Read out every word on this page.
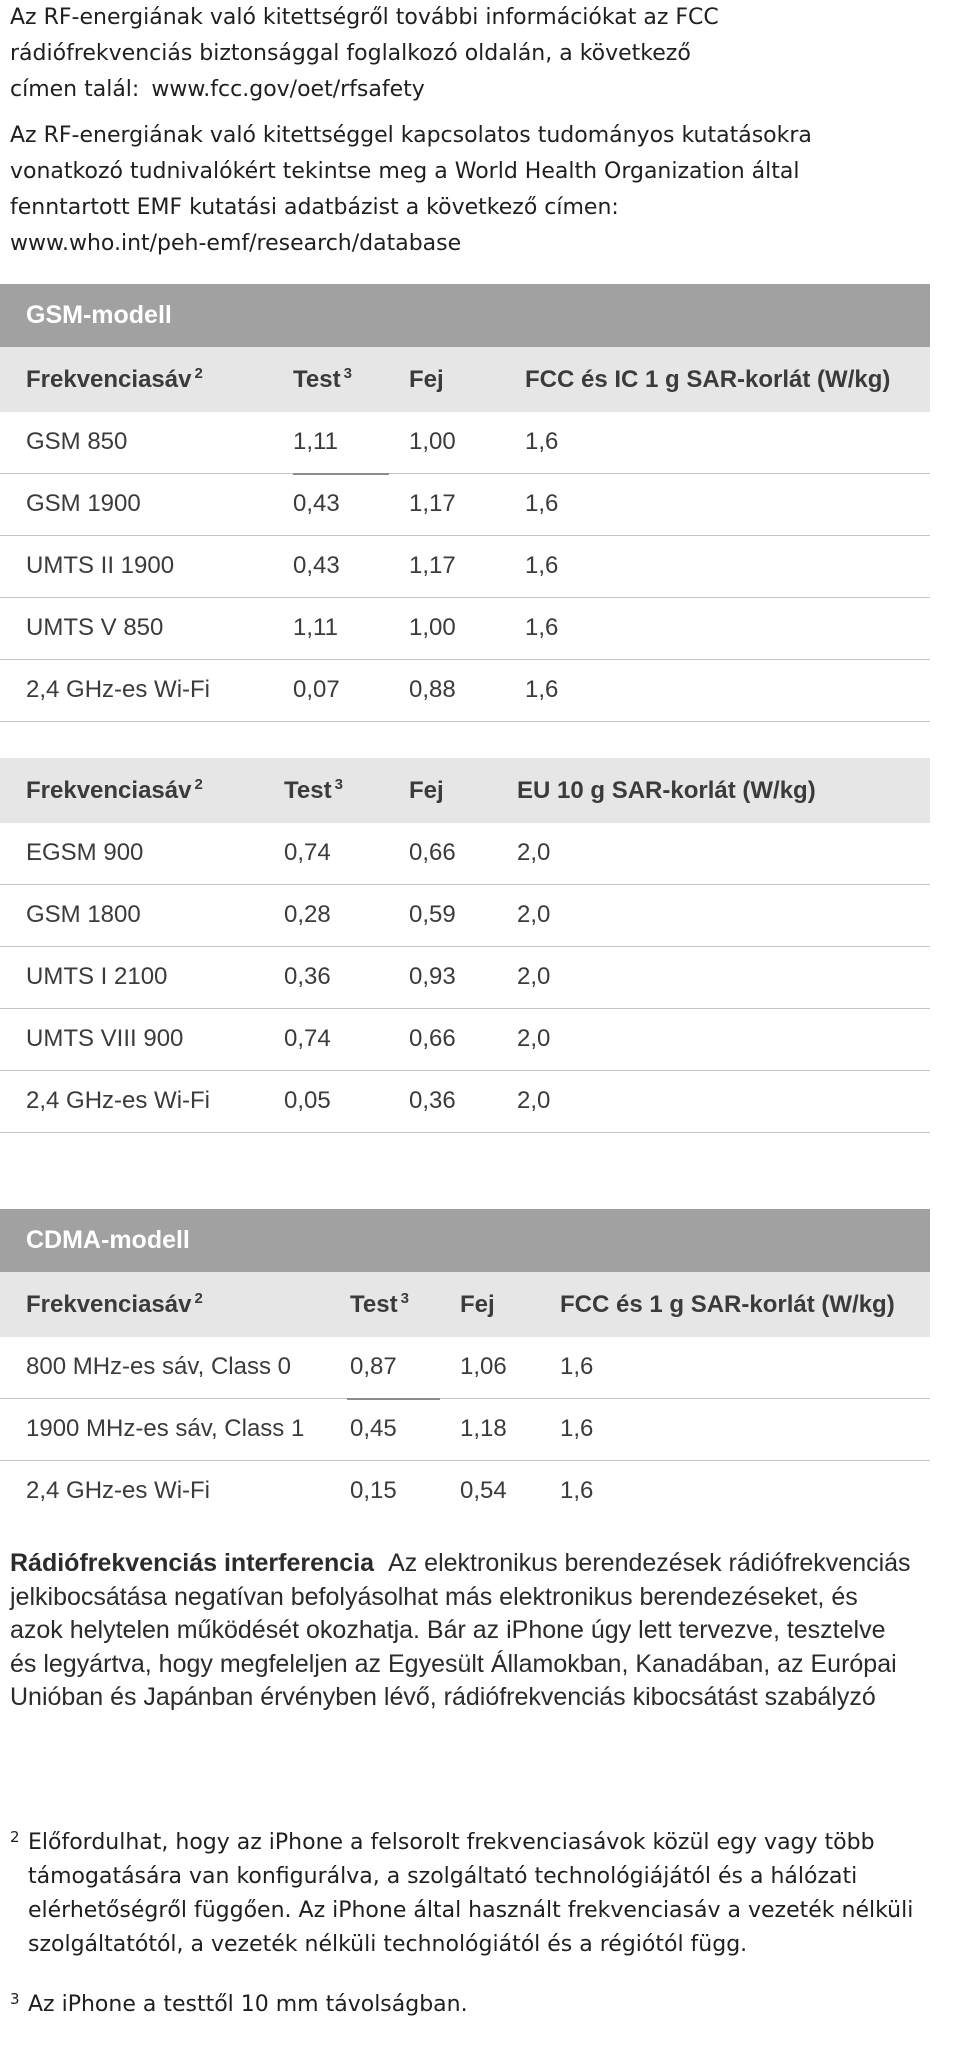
Az RF-energiának való kitettségről további információkat az FCC
rádiófrekvenciás biztonsággal foglalkozó oldalán, a következő
címen talál: www.fcc.gov/oet/rfsafety
Az RF-energiának való kitettséggel kapcsolatos tudományos kutatásokra
vonatkozó tudnivalókért tekintse meg a World Health Organization által
fenntartott EMF kutatási adatbázist a következő címen:
www.who.int/peh-emf/research/database
GSM-modell
Frekvenciasáv $^2$	Test $^3$ Fej	FCC és IC 1 g SAR-korlát (W/kg)
GSM 850	1,11	1,00	1,6
GSM 1900	0,43	1,17	1,6
UMTS II 1900	0,43	1,17	1,6
UMTS V 850	1,11	1,00	1,6
2,4 GHz-es Wi-Fi	0,07	0,88	1,6
Frekvenciasáv $^2$	Test $^3$	Fej	EU 10 g SAR-korlát (W/kg)
EGSM 900	0,74	0,66	2,0
GSM 1800	0,28	0,59	2,0
UMTS I 2100	0,36	0,93	2,0
UMTS VIII 900	0,74	0,66	2,0
2,4 GHz-es Wi-Fi	0,05	0,36	2,0
CDMA-modell
Frekvenciasáv $^2$	Test $^3$ Fej	FCC és 1 g SAR-korlát (W/kg)
800 MHz-es sáv, Class 0 0,87	1,06 1,6
1900 MHz-es sáv, Class 1 0,45	1,18 1,6
2,4 GHz-es Wi-Fi	0,15	0,54 1,6
Rádiófrekvenciás interferencia Az elektronikus berendezések rádiófrekvenciás
jelkibocsátása negatívan befolyásolhat más elektronikus berendezéseket, és
azok helytelen működését okozhatja. Bár az iPhone úgy lett tervezve, tesztelve
és legyártva, hogy megfeleljen az Egyesült Államokban, Kanadában, az Európai
Unióban és Japánban érvényben lévő, rádiófrekvenciás kibocsátást szabályzó
2 Előfordulhat, hogy az iPhone a felsorolt frekvenciasávok közül egy vagy több
támogatására van konfigurálva, a szolgáltató technológiájától és a hálózati
elérhetőségről függően. Az iPhone által használt frekvenciasáv a vezeték nélküli
szolgáltatótól, a vezeték nélküli technológiától és a régiótól függ.
3 Az iPhone a testtől 10 mm távolságban.
